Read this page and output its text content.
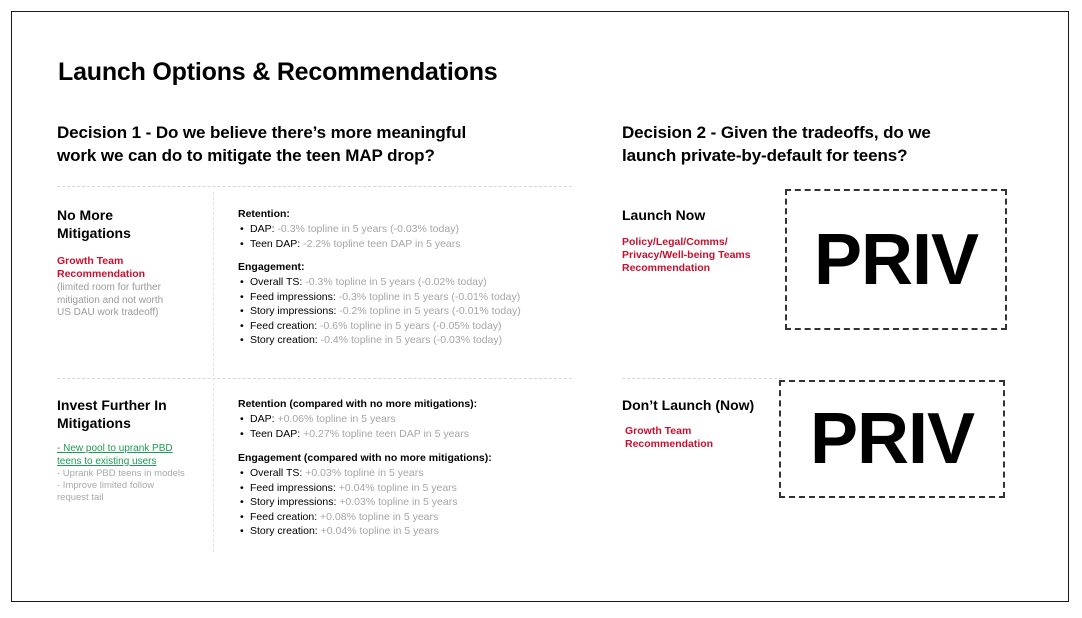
Launch Options & Recommendations
Decision 1 - Do we believe there’s more meaningful
work we can do to mitigate the teen MAP drop?
Decision 2 - Given the tradeoffs, do we
launch private-by-default for teens?
No More
Mitigations
Growth Team
Recommendation
(limited room for further
mitigation and not worth
US DAU work tradeoff)
Retention:
• DAP: -0.3% topline in 5 years (-0.03% today)
• Teen DAP: -2.2% topline teen DAP in 5 years
Engagement:
• Overall TS: -0.3% topline in 5 years (-0.02% today)
• Feed impressions: -0.3% topline in 5 years (-0.01% today)
• Story impressions: -0.2% topline in 5 years (-0.01% today)
• Feed creation: -0.6% topline in 5 years (-0.05% today)
• Story creation: -0.4% topline in 5 years (-0.03% today)
Invest Further In
Mitigations
- New pool to uprank PBD
teens to existing users
- Uprank PBD teens in models
- Improve limited follow
request tail
Retention (compared with no more mitigations):
• DAP: +0.06% topline in 5 years
• Teen DAP: +0.27% topline teen DAP in 5 years
Engagement (compared with no more mitigations):
• Overall TS: +0.03% topline in 5 years
• Feed impressions: +0.04% topline in 5 years
• Story impressions: +0.03% topline in 5 years
• Feed creation: +0.08% topline in 5 years
• Story creation: +0.04% topline in 5 years
Launch Now
Policy/Legal/Comms/
Privacy/Well-being Teams
Recommendation	PRIV
Don’t Launch (Now)
Growth Team
Recommendation PRIV
